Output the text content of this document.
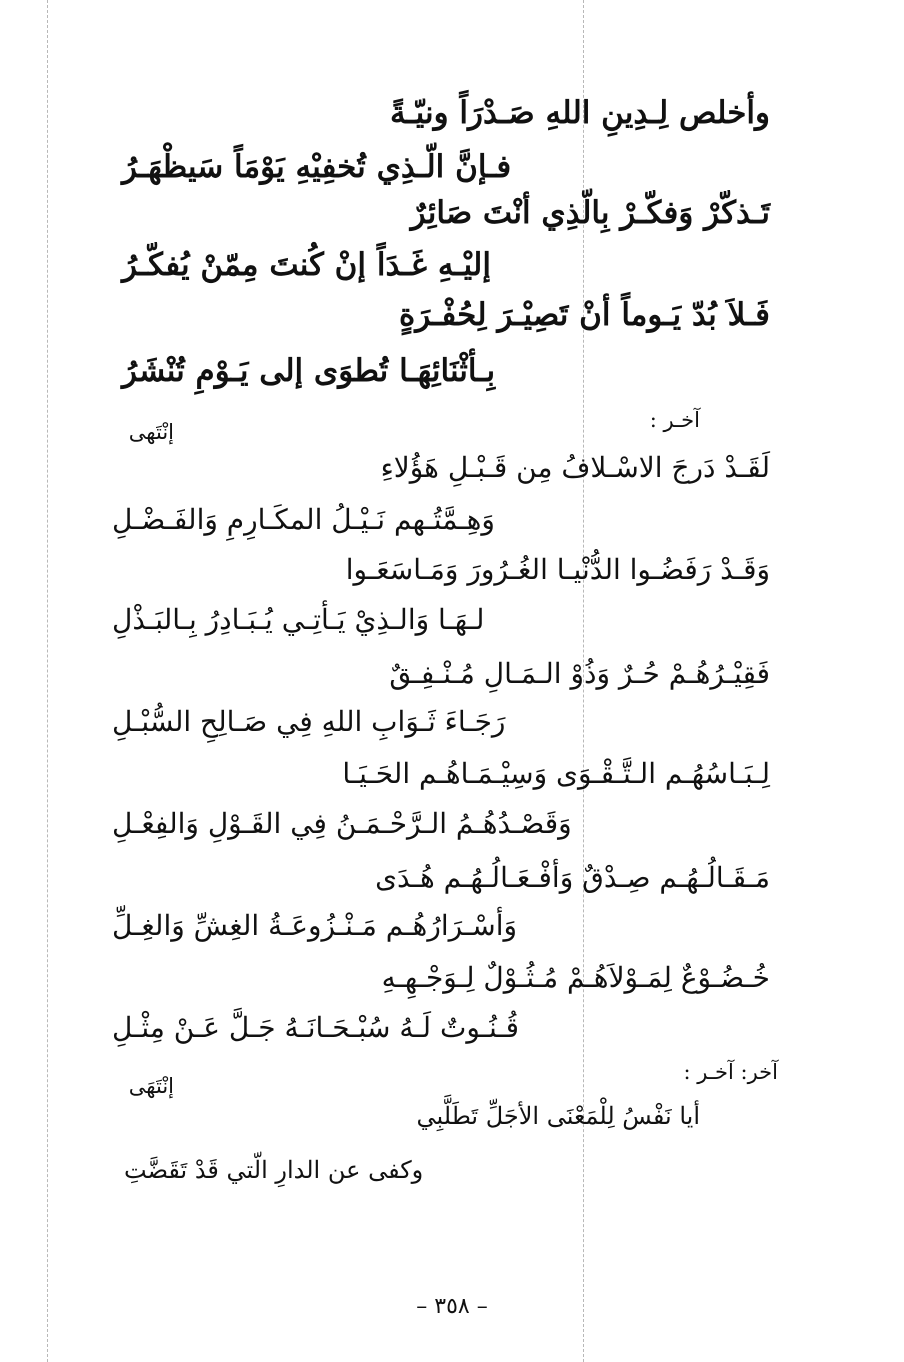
وأخلص لِـدِينِ اللهِ صَـدْرَاً ونيّـةً
فـإنَّ الّـذِي تُخفِيْهِ يَوْمَاً سَيظْهَـرُ
تَـذكّرْ وَفكّـرْ بِالّذِي أنْتَ صَائِرٌ
إليْـهِ غَـدَاً إنْ كُنتَ مِمّنْ يُفكّـرُ
فَـلاَ بُدّ يَـوماً أنْ تَصِيْـرَ لِحُفْـرَةٍ
بِـأثْنَائِهَـا تُطوَى إلى يَـوْمِ تُنْشَرُ
آخـر :
إنْتَهى
لَقَـدْ دَرجَ الاسْـلافُ مِن قَـبْـلِ هَؤُلاءِ
وَهِـمَّتُـهم نَـيْـلُ المكَـارِمِ وَالفَـضْـلِ
وَقَـدْ رَفَضُـوا الدُّنْيـا الغُـرُورَ وَمَـاسَعَـوا
لـهَـا وَالـذِيْ يَـأتِـي يُـبَـادِرُ بِـالبَـذْلِ
فَقِيْـرُهُـمْ حُـرٌ وَذُوْ الـمَـالِ مُـنْـفِـقٌ
رَجَـاءَ ثَـوَابِ اللهِ فِي صَـالِحِ السُّبْـلِ
لِـبَـاسُهُـم الـتَّـقْـوَى وَسِيْـمَـاهُـم الحَـيَـا
وَقَصْـدُهُـمُ الـرَّحْـمَـنُ فِي القَـوْلِ وَالفِعْـلِ
مَـقَـالُـهُـم صِـدْقٌ وَأفْـعَـالُـهُـم هُـدَى
وَأسْـرَارُهُـم مَـنْـزُوعَـةُ الغِشِّ وَالغِـلِّ
خُـضُـوْعٌ لِمَـوْلاَهُـمْ مُـثُـوْلٌ لِـوَجْـهِـهِ
قُـنُـوتٌ لَـهُ سُبْـحَـانَـهُ جَـلَّ عَـنْ مِثْـلِ
آخر: آخـر :
إنْتَهَى
أيا نَفْسُ لِلْمَعْنَى الأجَلِّ تَطَلَّبِي
وكفى عن الدارِ الّتي قَدْ تَقَضَّتِ
– ٣٥٨ –
